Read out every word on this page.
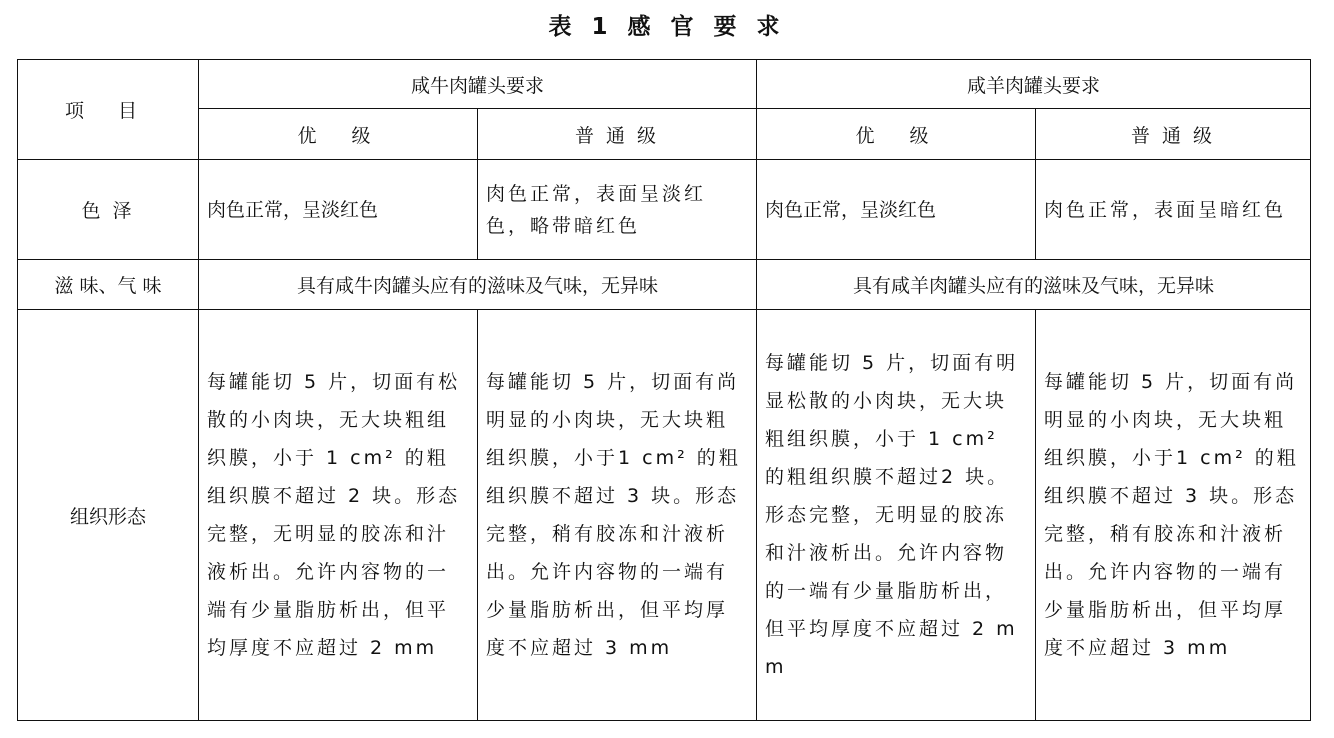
表 1 感 官 要 求
项 目	咸牛肉罐头要求		咸羊肉罐头要求	
	优　级	普 通 级	优　级	普 通 级
色 泽	肉色正常，呈淡红色	肉色正常，表面呈淡红色，略带暗红色	肉色正常，呈淡红色	肉色正常，表面呈暗红色
滋 味、气 味	具有咸牛肉罐头应有的滋味及气味，无异味		具有咸羊肉罐头应有的滋味及气味，无异味	
组织形态	每罐能切 5 片，切面有松散的小肉块，无大块粗组织膜，小于 1 cm² 的粗组织膜不超过 2 块。形态完整，无明显的胶冻和汁液析出。允许内容物的一端有少量脂肪析出，但平均厚度不应超过 2 mm	每罐能切 5 片，切面有尚明显的小肉块，无大块粗组织膜，小于1 cm² 的粗组织膜不超过 3 块。形态完整，稍有胶冻和汁液析出。允许内容物的一端有少量脂肪析出，但平均厚度不应超过 3 mm	每罐能切 5 片，切面有明显松散的小肉块，无大块粗组织膜，小于 1 cm² 的粗组织膜不超过2 块。形态完整，无明显的胶冻和汁液析出。允许内容物的一端有少量脂肪析出，但平均厚度不应超过 2 mm	每罐能切 5 片，切面有尚明显的小肉块，无大块粗组织膜，小于1 cm² 的粗组织膜不超过 3 块。形态完整，稍有胶冻和汁液析出。允许内容物的一端有少量脂肪析出，但平均厚度不应超过 3 mm
